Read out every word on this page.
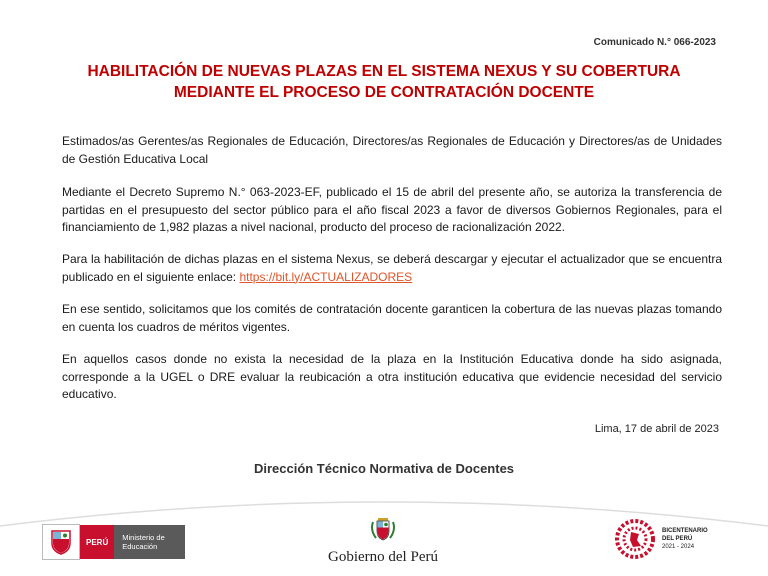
Comunicado N.° 066-2023
HABILITACIÓN DE NUEVAS PLAZAS EN EL SISTEMA NEXUS Y SU COBERTURA
MEDIANTE EL PROCESO DE CONTRATACIÓN DOCENTE

Estimados/as Gerentes/as Regionales de Educación, Directores/as Regionales de Educación y Directores/as de Unidades de Gestión Educativa Local

Mediante el Decreto Supremo N.° 063-2023-EF, publicado el 15 de abril del presente año, se autoriza la transferencia de partidas en el presupuesto del sector público para el año fiscal 2023 a favor de diversos Gobiernos Regionales, para el financiamiento de 1,982 plazas a nivel nacional, producto del proceso de racionalización 2022.

Para la habilitación de dichas plazas en el sistema Nexus, se deberá descargar y ejecutar el actualizador que se encuentra publicado en el siguiente enlace: https://bit.ly/ACTUALIZADORES

En ese sentido, solicitamos que los comités de contratación docente garanticen la cobertura de las nuevas plazas tomando en cuenta los cuadros de méritos vigentes.

En aquellos casos donde no exista la necesidad de la plaza en la Institución Educativa donde ha sido asignada, corresponde a la UGEL o DRE evaluar la reubicación a otra institución educativa que evidencie necesidad del servicio educativo.

Lima, 17 de abril de 2023
Dirección Técnico Normativa de Docentes
PERÚ	Ministerio de Educación
Gobierno del Perú
BICENTENARIO
DEL PERÚ
2021 - 2024
